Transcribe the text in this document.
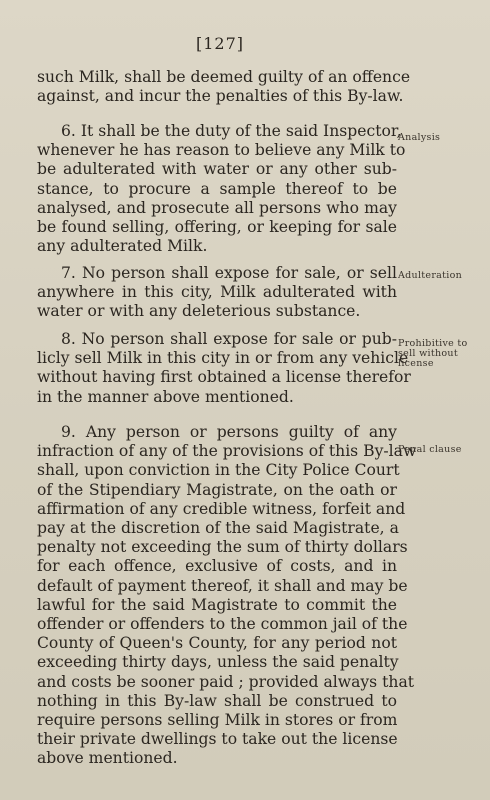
[127]
such Milk, shall be deemed guilty of an offence
against, and incur the penalties of this By-law.
6. It shall be the duty of the said Inspector,
whenever he has reason to believe any Milk to
be adulterated with water or any other sub-
stance, to procure a sample thereof to be
analysed, and prosecute all persons who may
be found selling, offering, or keeping for sale
any adulterated Milk.
Analysis
7. No person shall expose for sale, or sell
anywhere in this city, Milk adulterated with
water or with any deleterious substance.
Adulteration
8. No person shall expose for sale or pub-
licly sell Milk in this city in or from any vehicle
without having first obtained a license therefor
in the manner above mentioned.
Prohibitive to sell without license
9. Any person or persons guilty of any
infraction of any of the provisions of this By-law
shall, upon conviction in the City Police Court
of the Stipendiary Magistrate, on the oath or
affirmation of any credible witness, forfeit and
pay at the discretion of the said Magistrate, a
penalty not exceeding the sum of thirty dollars
for each offence, exclusive of costs, and in
default of payment thereof, it shall and may be
lawful for the said Magistrate to commit the
offender or offenders to the common jail of the
County of Queen's County, for any period not
exceeding thirty days, unless the said penalty
and costs be sooner paid ; provided always that
nothing in this By-law shall be construed to
require persons selling Milk in stores or from
their private dwellings to take out the license
above mentioned.
Penal clause
